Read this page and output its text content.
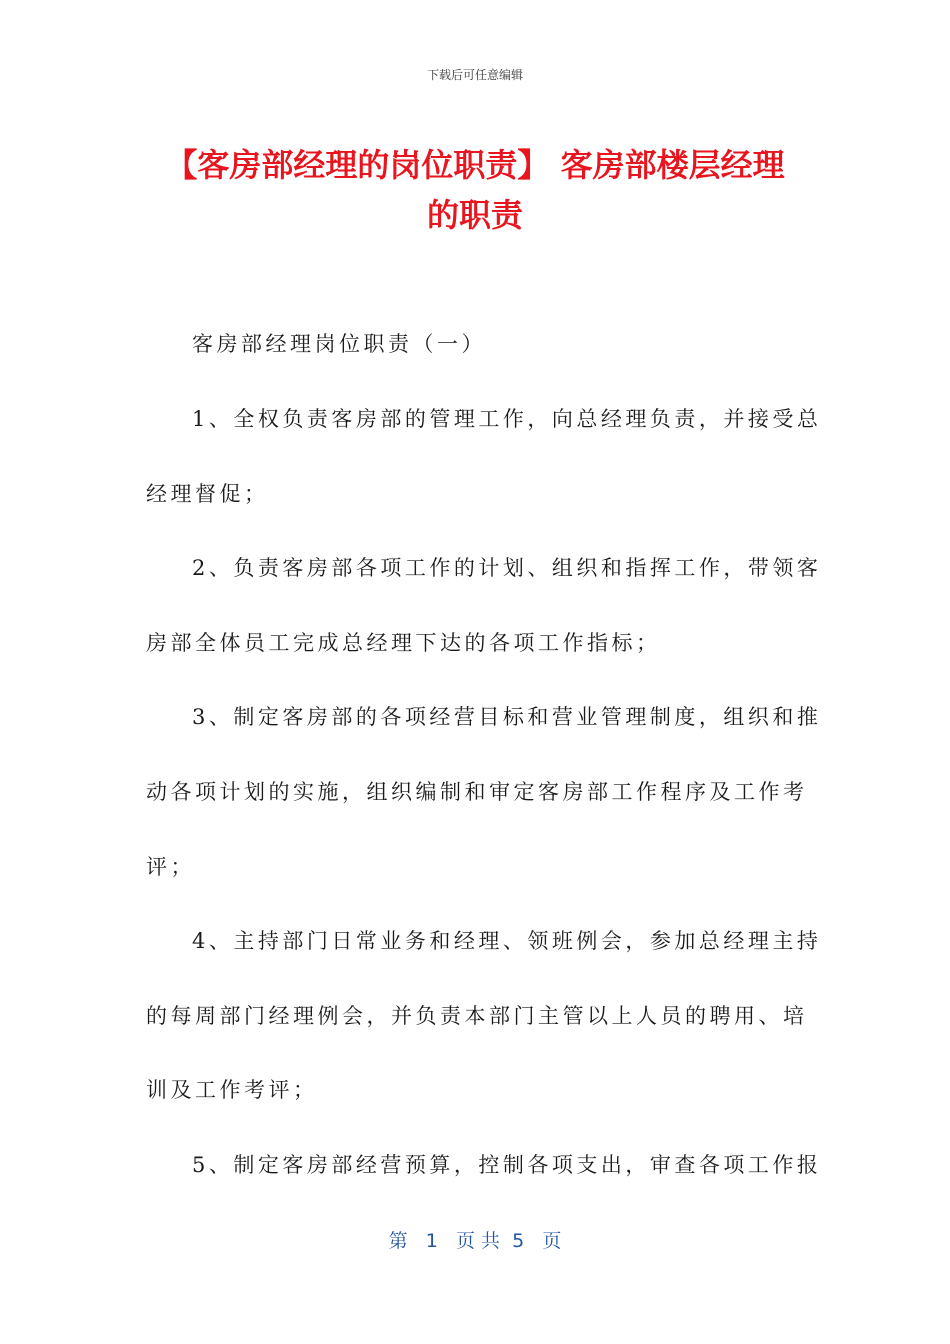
下载后可任意编辑
【客房部经理的岗位职责】 客房部楼层经理
的职责
客房部经理岗位职责（一）
1、全权负责客房部的管理工作，向总经理负责，并接受总
经理督促；
2、负责客房部各项工作的计划、组织和指挥工作，带领客
房部全体员工完成总经理下达的各项工作指标；
3、制定客房部的各项经营目标和营业管理制度，组织和推
动各项计划的实施，组织编制和审定客房部工作程序及工作考
评；
4、主持部门日常业务和经理、领班例会，参加总经理主持
的每周部门经理例会，并负责本部门主管以上人员的聘用、培
训及工作考评；
5、制定客房部经营预算，控制各项支出，审查各项工作报
第 1 页 共 5 页
